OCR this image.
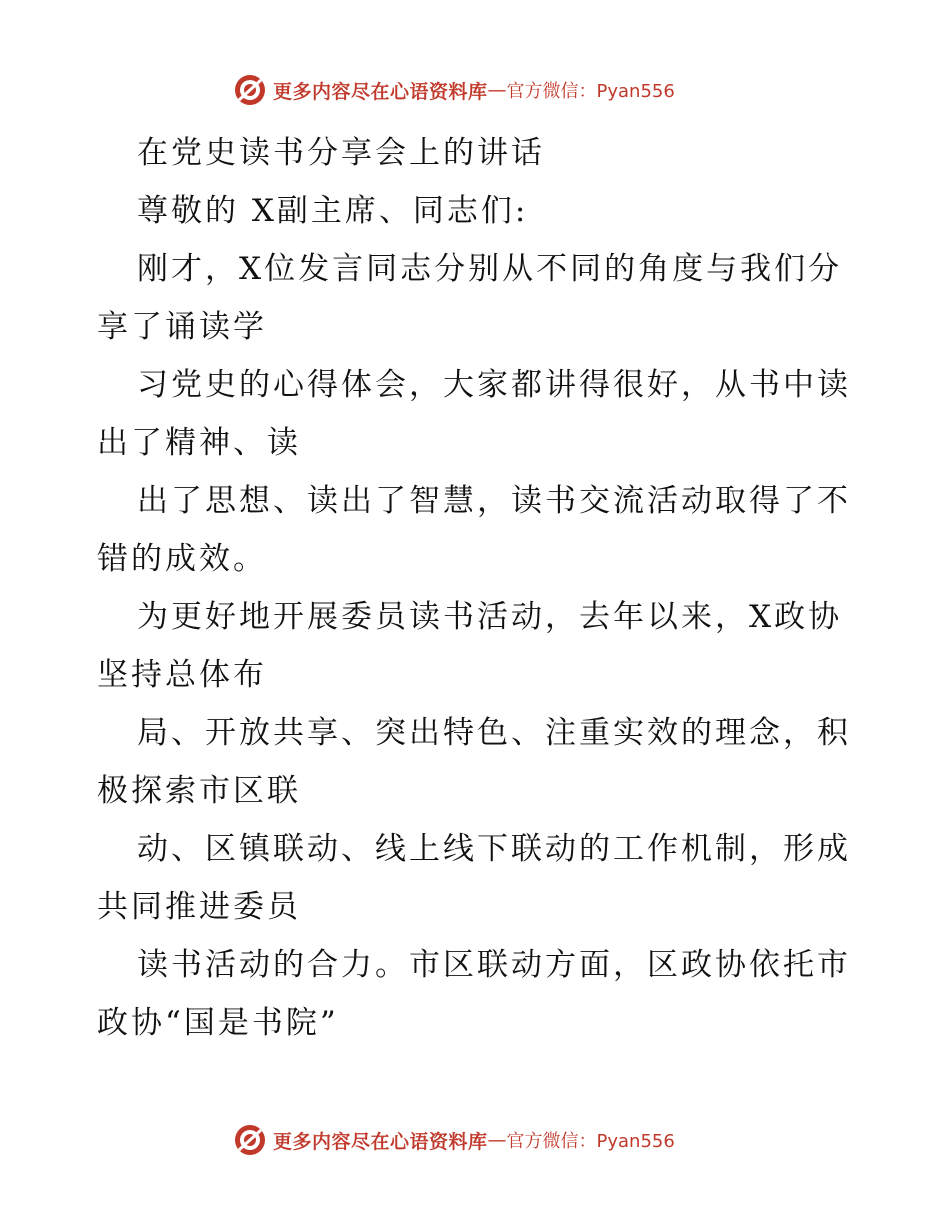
更多内容尽在心语资料库 — 官方微信：Pyan556
在党史读书分享会上的讲话
尊敬的 X副主席、同志们:
刚才，X位发言同志分别从不同的角度与我们分
享了诵读学
习党史的心得体会，大家都讲得很好，从书中读
出了精神、读
出了思想、读出了智慧，读书交流活动取得了不
错的成效。
为更好地开展委员读书活动，去年以来，X政协
坚持总体布
局、开放共享、突出特色、注重实效的理念，积
极探索市区联
动、区镇联动、线上线下联动的工作机制，形成
共同推进委员
读书活动的合力。市区联动方面，区政协依托市
政协“国是书院”
更多内容尽在心语资料库 — 官方微信：Pyan556
